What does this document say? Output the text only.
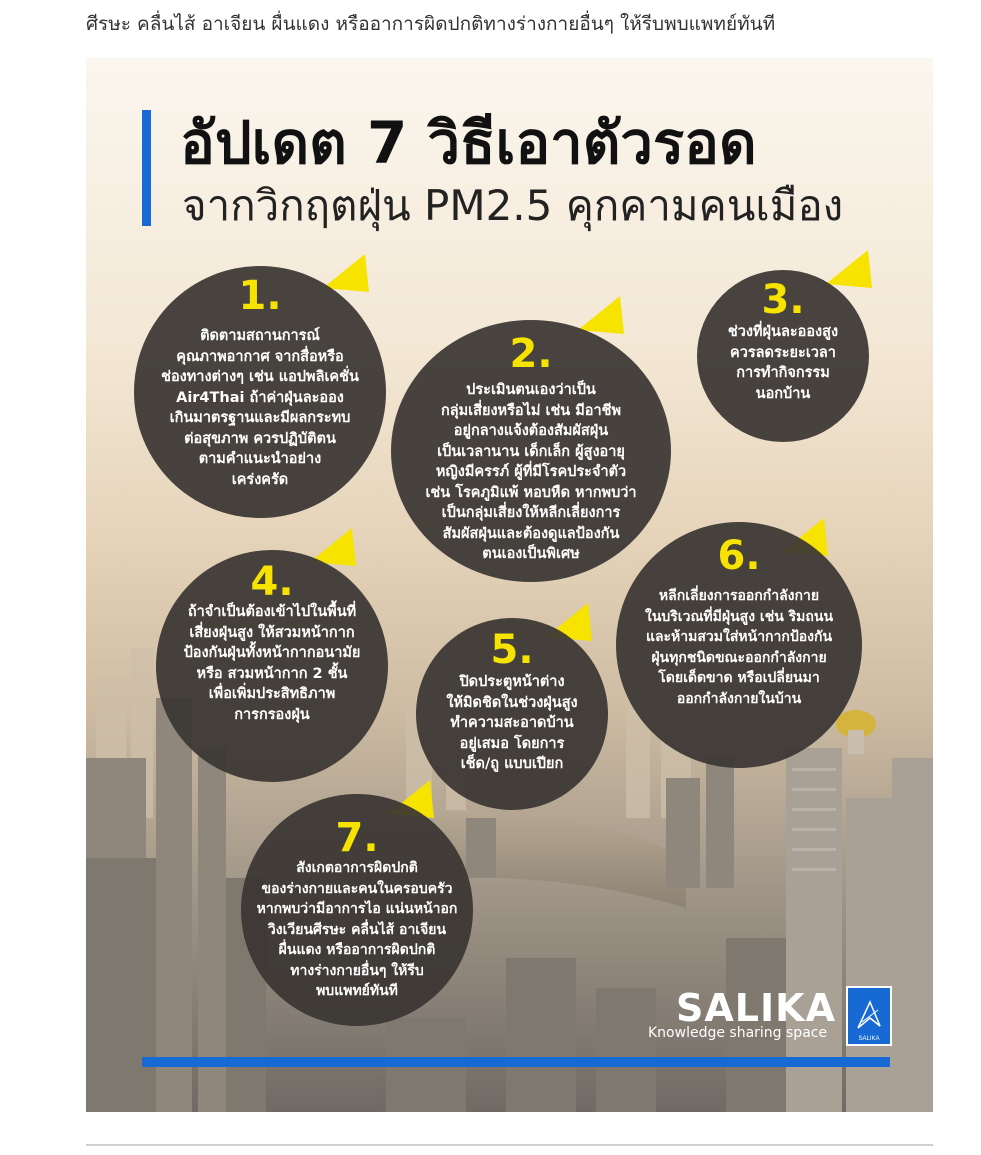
ศีรษะ คลื่นไส้ อาเจียน ผื่นแดง หรืออาการผิดปกติทางร่างกายอื่นๆ ให้รีบพบแพทย์ทันที
อัปเดต 7 วิธีเอาตัวรอด
จากวิกฤตฝุ่น PM2.5 คุกคามคนเมือง
1.
ติดตามสถานการณ์
คุณภาพอากาศ จากสื่อหรือ
ช่องทางต่างๆ เช่น แอปพลิเคชั่น
Air4Thai ถ้าค่าฝุ่นละออง
เกินมาตรฐานและมีผลกระทบ
ต่อสุขภาพ ควรปฏิบัติตน
ตามคำแนะนำอย่าง
เคร่งครัด
2.
ประเมินตนเองว่าเป็น
กลุ่มเสี่ยงหรือไม่ เช่น มีอาชีพ
อยู่กลางแจ้งต้องสัมผัสฝุ่น
เป็นเวลานาน เด็กเล็ก ผู้สูงอายุ
หญิงมีครรภ์ ผู้ที่มีโรคประจำตัว
เช่น โรคภูมิแพ้ หอบหืด หากพบว่า
เป็นกลุ่มเสี่ยงให้หลีกเลี่ยงการ
สัมผัสฝุ่นและต้องดูแลป้องกัน
ตนเองเป็นพิเศษ
3.
ช่วงที่ฝุ่นละอองสูง
ควรลดระยะเวลา
การทำกิจกรรม
นอกบ้าน
4.
ถ้าจำเป็นต้องเข้าไปในพื้นที่
เสี่ยงฝุ่นสูง ให้สวมหน้ากาก
ป้องกันฝุ่นทั้งหน้ากากอนามัย
หรือ สวมหน้ากาก 2 ชั้น
เพื่อเพิ่มประสิทธิภาพ
การกรองฝุ่น
5.
ปิดประตูหน้าต่าง
ให้มิดชิดในช่วงฝุ่นสูง
ทำความสะอาดบ้าน
อยู่เสมอ โดยการ
เช็ด/ถู แบบเปียก
6.
หลีกเลี่ยงการออกกำลังกาย
ในบริเวณที่มีฝุ่นสูง เช่น ริมถนน
และห้ามสวมใส่หน้ากากป้องกัน
ฝุ่นทุกชนิดขณะออกกำลังกาย
โดยเด็ดขาด หรือเปลี่ยนมา
ออกกำลังกายในบ้าน
7.
สังเกตอาการผิดปกติ
ของร่างกายและคนในครอบครัว
หากพบว่ามีอาการไอ แน่นหน้าอก
วิงเวียนศีรษะ คลื่นไส้ อาเจียน
ผื่นแดง หรืออาการผิดปกติ
ทางร่างกายอื่นๆ ให้รีบ
พบแพทย์ทันที	SALIKA
Knowledge sharing space	SALIKA
